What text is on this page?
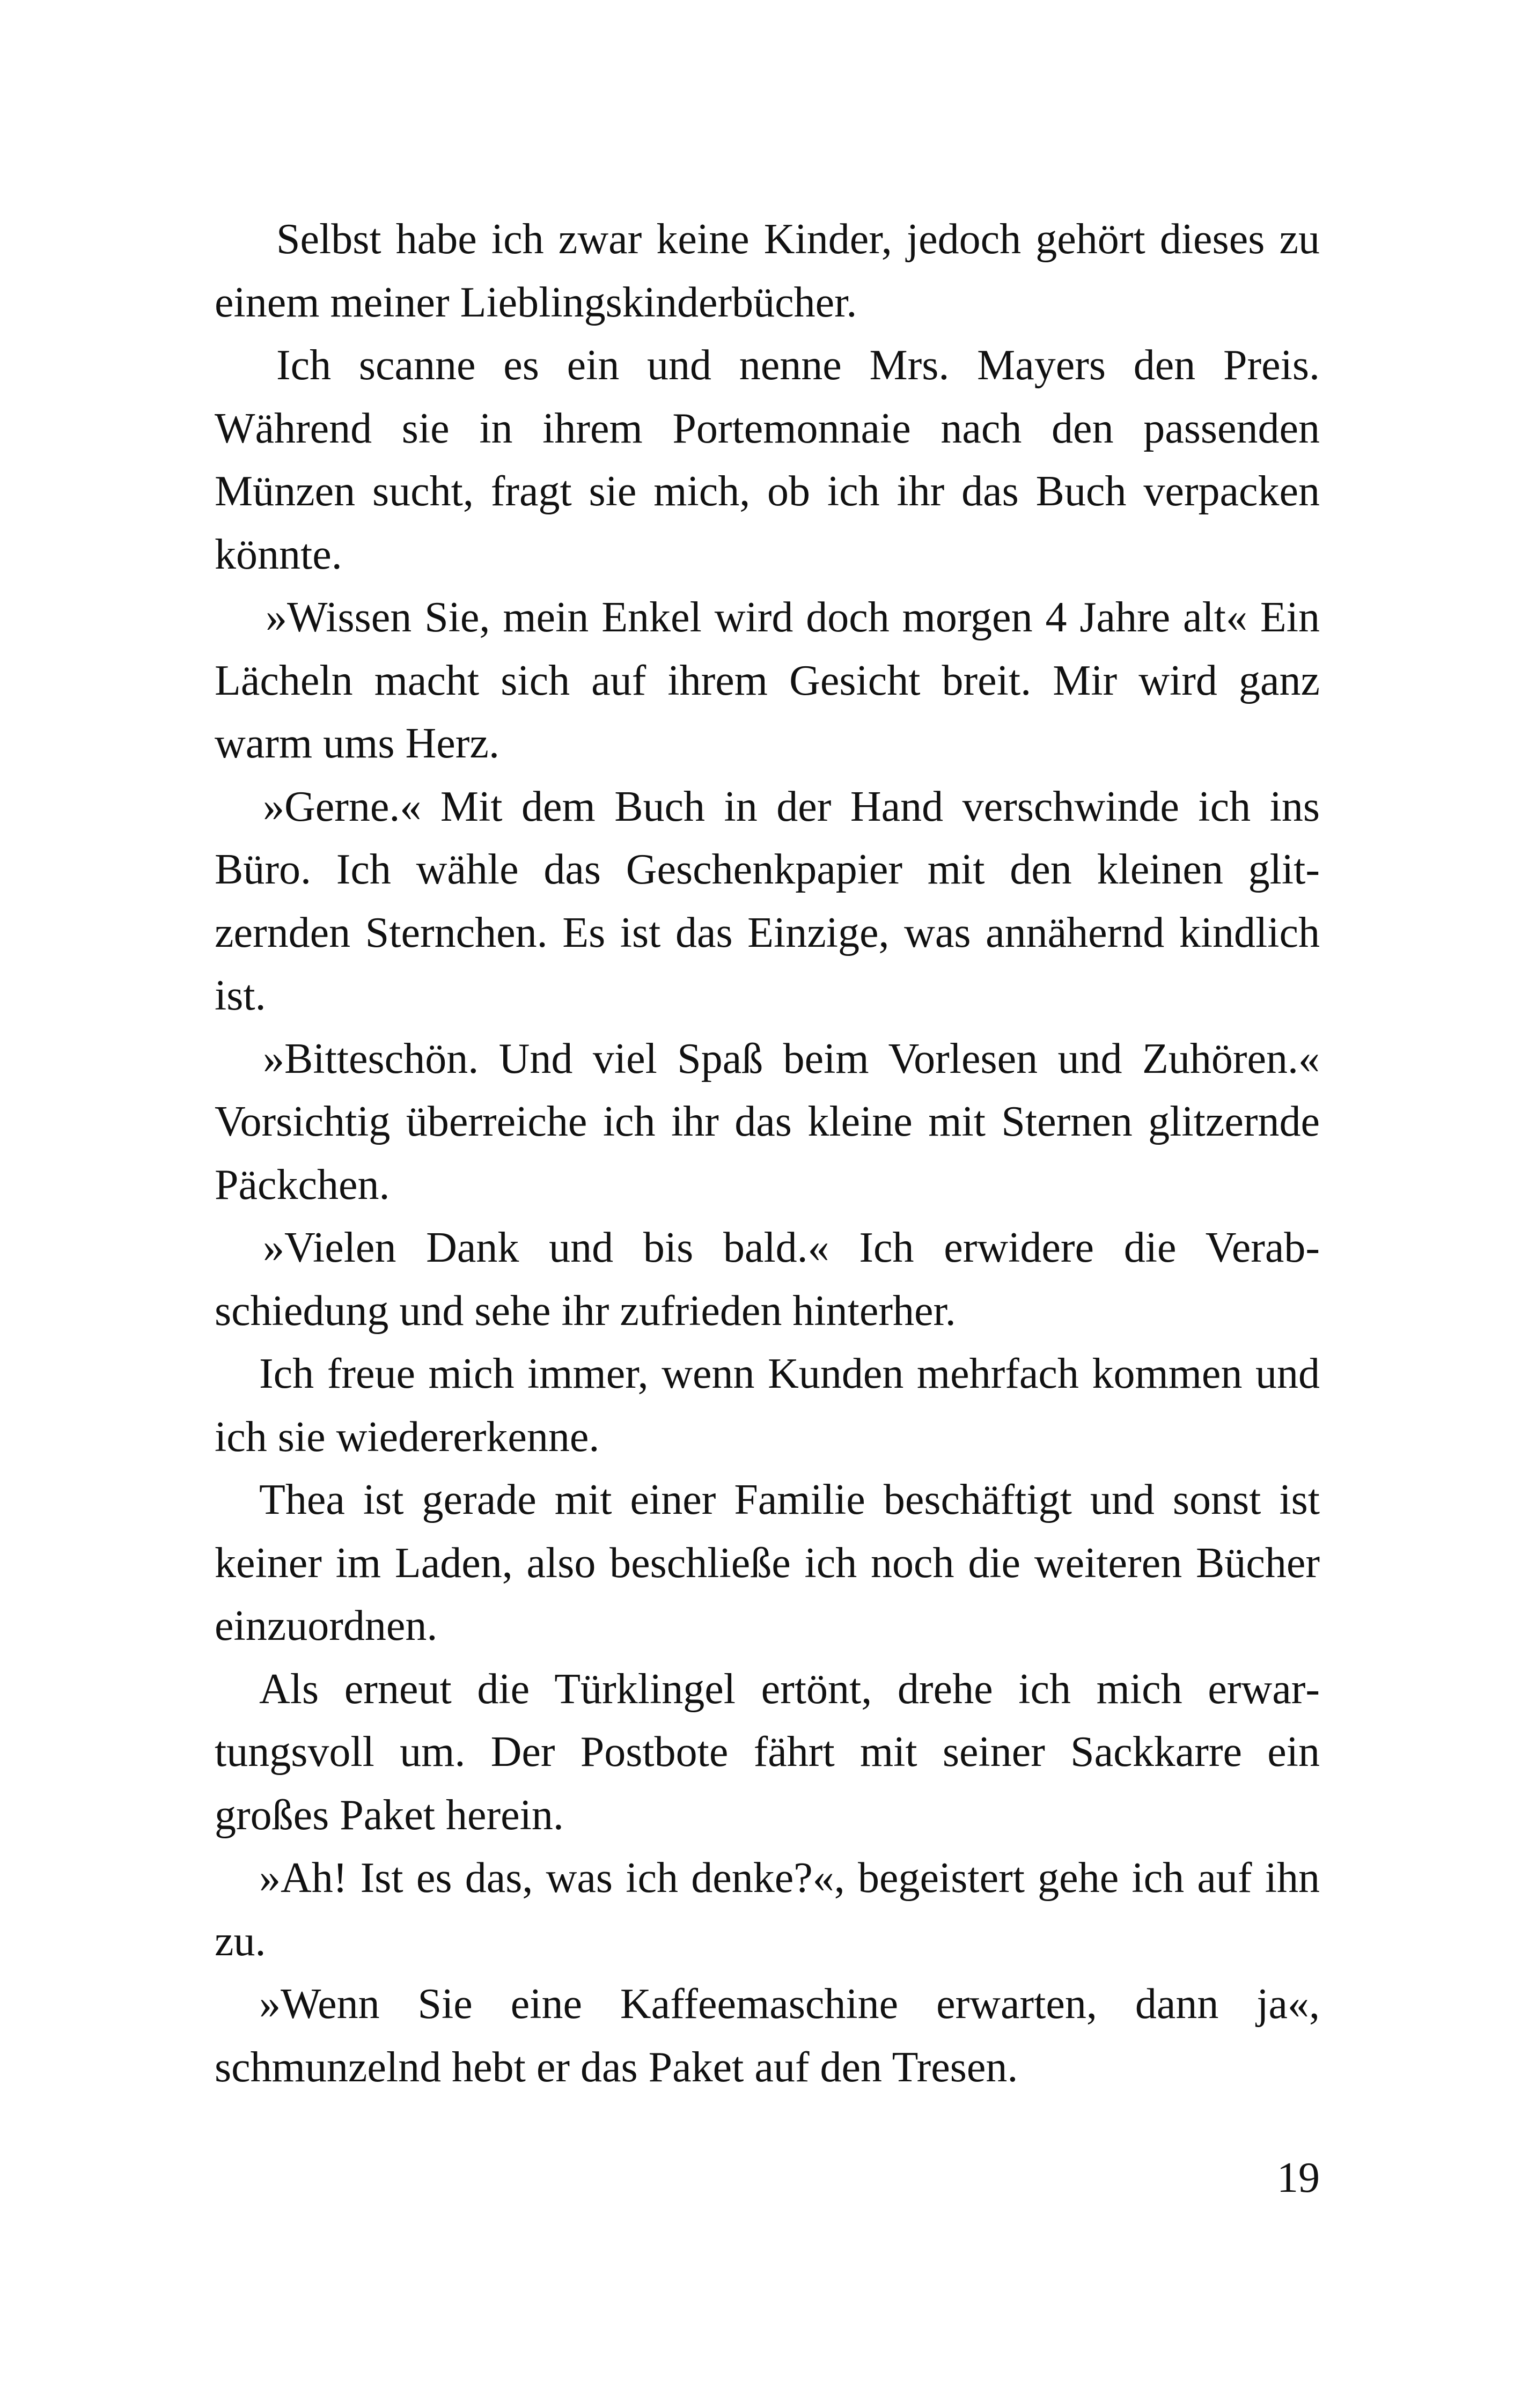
Selbst habe ich zwar keine Kinder, jedoch gehört dieses zu einem meiner Lieblingskinderbücher.

Ich scanne es ein und nenne Mrs. Mayers den Preis. Während sie in ihrem Portemonnaie nach den passenden Münzen sucht, fragt sie mich, ob ich ihr das Buch verpacken könnte.

»Wissen Sie, mein Enkel wird doch morgen 4 Jahre alt« Ein Lächeln macht sich auf ihrem Gesicht breit. Mir wird ganz warm ums Herz.

»Gerne.« Mit dem Buch in der Hand verschwinde ich ins Büro. Ich wähle das Geschenkpapier mit den kleinen glitzernden Sternchen. Es ist das Einzige, was annähernd kindlich ist.

»Bitteschön. Und viel Spaß beim Vorlesen und Zuhören.« Vorsichtig überreiche ich ihr das kleine mit Sternen glitzernde Päckchen.

»Vielen Dank und bis bald.« Ich erwidere die Verabschiedung und sehe ihr zufrieden hinterher.

Ich freue mich immer, wenn Kunden mehrfach kommen und ich sie wiedererkenne.

Thea ist gerade mit einer Familie beschäftigt und sonst ist keiner im Laden, also beschließe ich noch die weiteren Bücher einzuordnen.

Als erneut die Türklingel ertönt, drehe ich mich erwartungsvoll um. Der Postbote fährt mit seiner Sackkarre ein großes Paket herein.

»Ah! Ist es das, was ich denke?«, begeistert gehe ich auf ihn zu.

»Wenn Sie eine Kaffeemaschine erwarten, dann ja«, schmunzelnd hebt er das Paket auf den Tresen.

19
